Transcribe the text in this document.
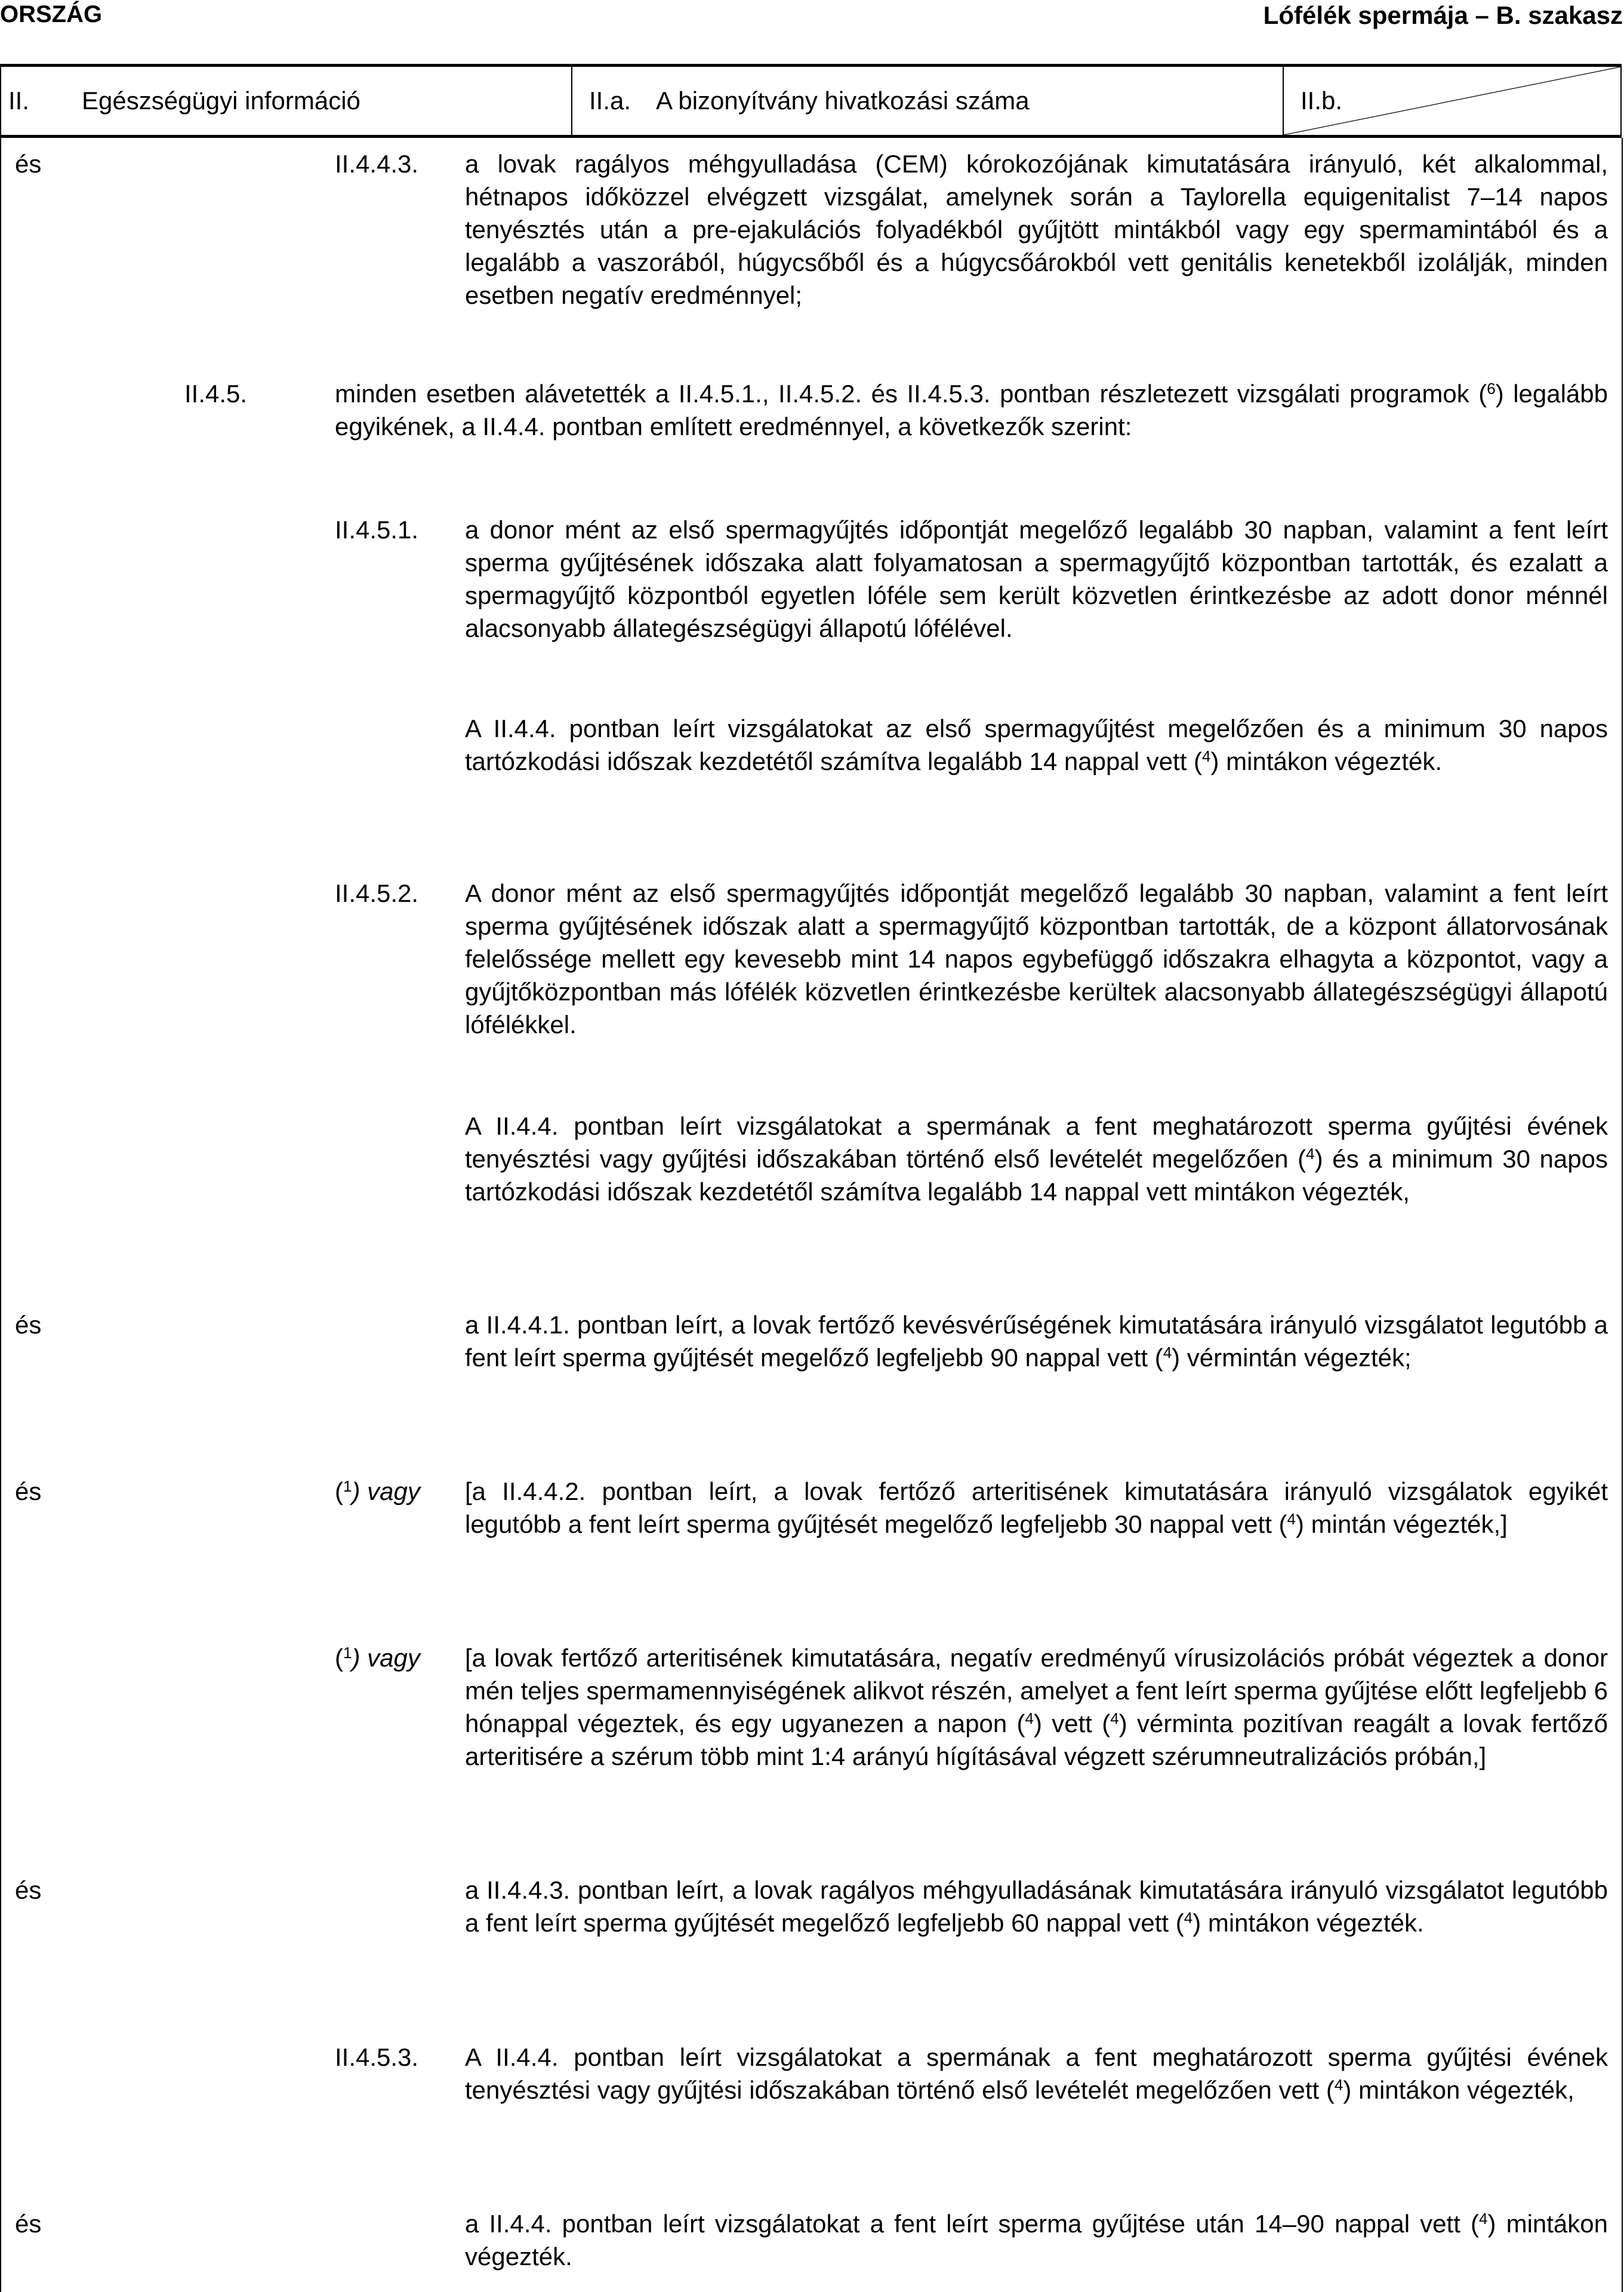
ORSZÁG	Lófélék spermája – B. szakasz
II. Egészségügyi információ	II.a. A bizonyítvány hivatkozási száma	II.b.
és	II.4.4.3. a lovak ragályos méhgyulladása (CEM) kórokozójának kimutatására irányuló, két alkalommal, hétnapos időközzel elvégzett vizsgálat, amelynek során a Taylorella equigenitalist 7–14 napos tenyésztés után a pre-ejakulációs folyadékból gyűjtött mintákból vagy egy spermamintából és a legalább a vaszorából, húgycsőből és a húgycsőárokból vett genitális kenetekből izolálják, minden esetben negatív eredménnyel;
II.4.5.	minden esetben alávetették a II.4.5.1., II.4.5.2. és II.4.5.3. pontban részletezett vizsgálati programok ($^6$) legalább egyikének, a II.4.4. pontban említett eredménnyel, a következők szerint:
II.4.5.1. a donor mént az első spermagyűjtés időpontját megelőző legalább 30 napban, valamint a fent leírt sperma gyűjtésének időszaka alatt folyamatosan a spermagyűjtő központban tartották, és ezalatt a spermagyűjtő központból egyetlen lóféle sem került közvetlen érintkezésbe az adott donor ménnél alacsonyabb állategészségügyi állapotú lófélével.
A II.4.4. pontban leírt vizsgálatokat az első spermagyűjtést megelőzően és a minimum 30 napos tartózkodási időszak kezdetétől számítva legalább 14 nappal vett ($^4$) mintákon végezték.
II.4.5.2. A donor mént az első spermagyűjtés időpontját megelőző legalább 30 napban, valamint a fent leírt sperma gyűjtésének időszak alatt a spermagyűjtő központban tartották, de a központ állatorvosának felelőssége mellett egy kevesebb mint 14 napos egybefüggő időszakra elhagyta a központot, vagy a gyűjtőközpontban más lófélék közvetlen érintkezésbe kerültek alacsonyabb állategészségügyi állapotú lófélékkel.
A II.4.4. pontban leírt vizsgálatokat a spermának a fent meghatározott sperma gyűjtési évének tenyésztési vagy gyűjtési időszakában történő első levételét megelőzően ($^4$) és a minimum 30 napos tartózkodási időszak kezdetétől számítva legalább 14 nappal vett mintákon végezték,
és	a II.4.4.1. pontban leírt, a lovak fertőző kevésvérűségének kimutatására irányuló vizsgálatot legutóbb a fent leírt sperma gyűjtését megelőző legfeljebb 90 nappal vett ($^4$) vérmintán végezték;
és	($^1$) vagy [a II.4.4.2. pontban leírt, a lovak fertőző arteritisének kimutatására irányuló vizsgálatok egyikét legutóbb a fent leírt sperma gyűjtését megelőző legfeljebb 30 nappal vett ($^4$) mintán végezték,]
($^1$) vagy [a lovak fertőző arteritisének kimutatására, negatív eredményű vírusizolációs próbát végeztek a donor mén teljes spermamennyiségének alikvot részén, amelyet a fent leírt sperma gyűjtése előtt legfeljebb 6 hónappal végeztek, és egy ugyanezen a napon ($^4$) vett ($^4$) vérminta pozitívan reagált a lovak fertőző arteritisére a szérum több mint 1:4 arányú hígításával végzett szérumneutralizációs próbán,]
és	a II.4.4.3. pontban leírt, a lovak ragályos méhgyulladásának kimutatására irányuló vizsgálatot legutóbb a fent leírt sperma gyűjtését megelőző legfeljebb 60 nappal vett ($^4$) mintákon végezték.
II.4.5.3. A II.4.4. pontban leírt vizsgálatokat a spermának a fent meghatározott sperma gyűjtési évének tenyésztési vagy gyűjtési időszakában történő első levételét megelőzően vett ($^4$) mintákon végezték,
és	a II.4.4. pontban leírt vizsgálatokat a fent leírt sperma gyűjtése után 14–90 nappal vett ($^4$) mintákon végezték.
